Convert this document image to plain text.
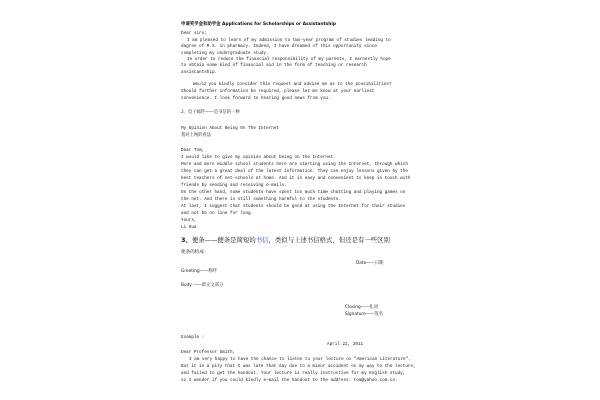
申请奖学金和助学金 Applications for Scholarships or Assistantship
Dear sirs:
I am pleased to learn of my admission to two-year program of studies leading to
degree of M.S. in pharmacy. Indeed, I have dreamed of this opportunity since
completing my undergraduate study.
In order to reduce the financial responsibility of my parents, I earnestly hope
to obtain some kind of financial aid in the form of teaching or research
assistantship.
Would you kindly consider this request and advise me as to the possibilities?
Should further information be required, please let me know at your earliest
convenience. I look forward to hearing good news from you.
2、电子邮件——是书信的一种
My Opinion About Being On The Internet
我对上网的看法
Dear Tom,
I would like to give my opinion about being on the Internet.
More and more middle school students here are starting using the Internet, through which
they can get a great deal of the latest information. They can enjoy lessons given by the
best teachers of net-schools at home. And it is easy and convenient to keep in touch with
friends by sending and receiving e-mails.
On the other hand, some students have spent too much time chatting and playing games on
the net. And there is still something harmful to the students.
At last, I suggest that students should be good at using the Internet for their studies
and not be on line for long.
Yours,
Li Hua
3、便条——便条是简短的书信，类似与上述书信格式，但还是有一些区别
便条的构成：
Date——日期
Greeting——称呼
Body ——即正文部分
Closing——礼词
Signature——签名
Example :
April 22, 2011
Dear Professor Smith,
I am very happy to have the chance to listen to your lecture on "American Literature".
But it is a pity that I was late that day due to a minor accident on my way to the lecture,
and failed to get the handout. Your lecture is really instructive for my English study,
so I wonder if you could kindly e-mail the handout to the address: tom@yahoo.com.cn.
